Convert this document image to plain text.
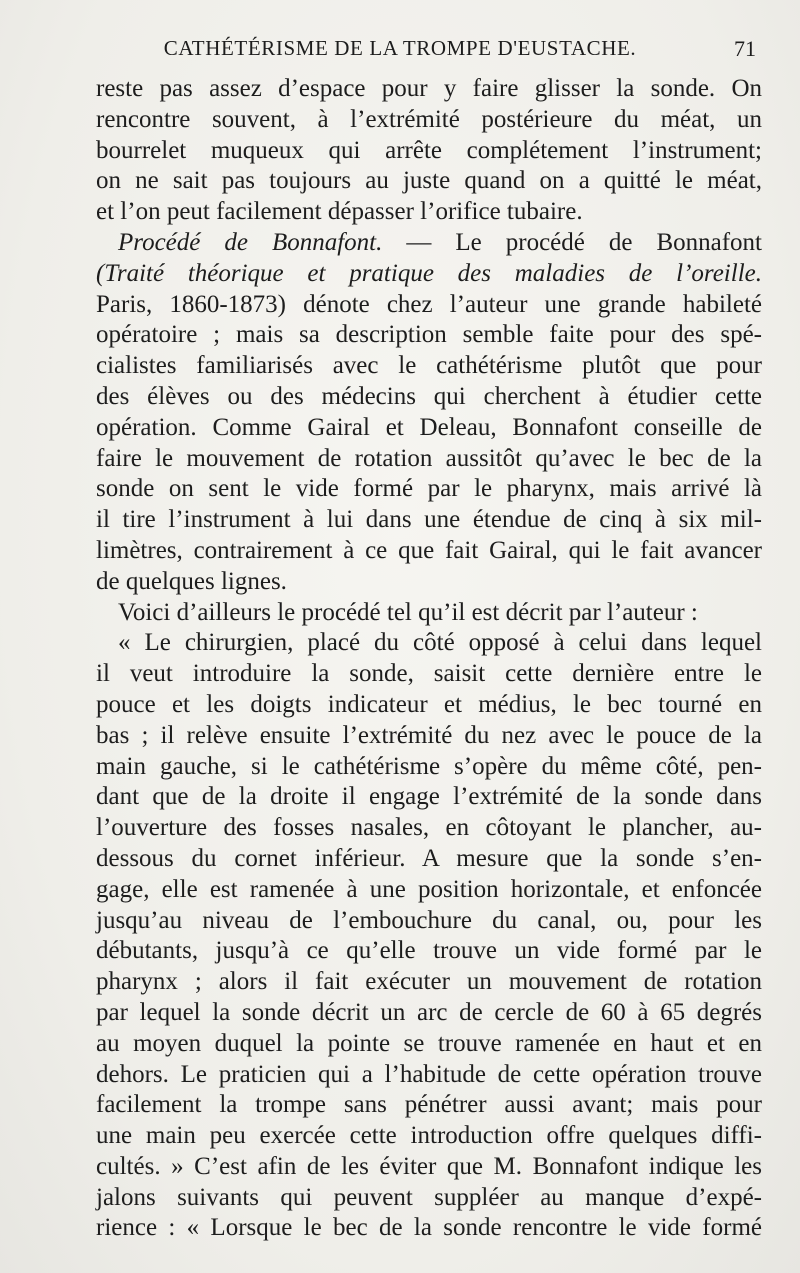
CATHÉTÉRISME DE LA TROMPE D'EUSTACHE.	71
reste pas assez d’espace pour y faire glisser la sonde. On
rencontre souvent, à l’extrémité postérieure du méat, un
bourrelet muqueux qui arrête complétement l’instrument;
on ne sait pas toujours au juste quand on a quitté le méat,
et l’on peut facilement dépasser l’orifice tubaire.
Procédé de Bonnafont. — Le procédé de Bonnafont
(Traité théorique et pratique des maladies de l’oreille.
Paris, 1860-1873) dénote chez l’auteur une grande habileté
opératoire ; mais sa description semble faite pour des spé-
cialistes familiarisés avec le cathétérisme plutôt que pour
des élèves ou des médecins qui cherchent à étudier cette
opération. Comme Gairal et Deleau, Bonnafont conseille de
faire le mouvement de rotation aussitôt qu’avec le bec de la
sonde on sent le vide formé par le pharynx, mais arrivé là
il tire l’instrument à lui dans une étendue de cinq à six mil-
limètres, contrairement à ce que fait Gairal, qui le fait avancer
de quelques lignes.
Voici d’ailleurs le procédé tel qu’il est décrit par l’auteur :
« Le chirurgien, placé du côté opposé à celui dans lequel
il veut introduire la sonde, saisit cette dernière entre le
pouce et les doigts indicateur et médius, le bec tourné en
bas ; il relève ensuite l’extrémité du nez avec le pouce de la
main gauche, si le cathétérisme s’opère du même côté, pen-
dant que de la droite il engage l’extrémité de la sonde dans
l’ouverture des fosses nasales, en côtoyant le plancher, au-
dessous du cornet inférieur. A mesure que la sonde s’en-
gage, elle est ramenée à une position horizontale, et enfoncée
jusqu’au niveau de l’embouchure du canal, ou, pour les
débutants, jusqu’à ce qu’elle trouve un vide formé par le
pharynx ; alors il fait exécuter un mouvement de rotation
par lequel la sonde décrit un arc de cercle de 60 à 65 degrés
au moyen duquel la pointe se trouve ramenée en haut et en
dehors. Le praticien qui a l’habitude de cette opération trouve
facilement la trompe sans pénétrer aussi avant; mais pour
une main peu exercée cette introduction offre quelques diffi-
cultés. » C’est afin de les éviter que M. Bonnafont indique les
jalons suivants qui peuvent suppléer au manque d’expé-
rience : « Lorsque le bec de la sonde rencontre le vide formé
